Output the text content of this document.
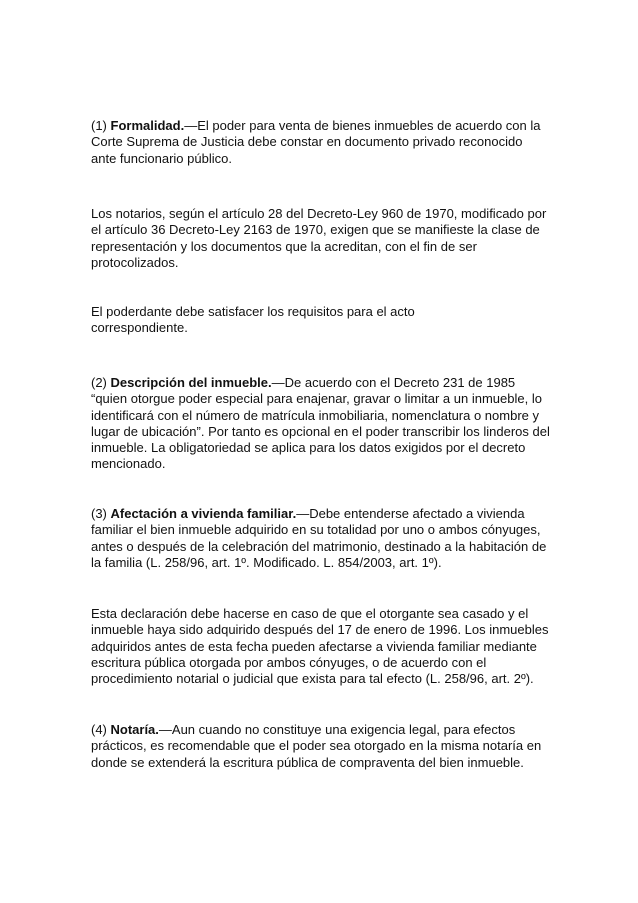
(1) Formalidad.—El poder para venta de bienes inmuebles de acuerdo con la
Corte Suprema de Justicia debe constar en documento privado reconocido
ante funcionario público.

Los notarios, según el artículo 28 del Decreto-Ley 960 de 1970, modificado por
el artículo 36 Decreto-Ley 2163 de 1970, exigen que se manifieste la clase de
representación y los documentos que la acreditan, con el fin de ser
protocolizados.

El poderdante debe satisfacer los requisitos para el acto
correspondiente.

(2) Descripción del inmueble.—De acuerdo con el Decreto 231 de 1985
“quien otorgue poder especial para enajenar, gravar o limitar a un inmueble, lo
identificará con el número de matrícula inmobiliaria, nomenclatura o nombre y
lugar de ubicación”. Por tanto es opcional en el poder transcribir los linderos del
inmueble. La obligatoriedad se aplica para los datos exigidos por el decreto
mencionado.

(3) Afectación a vivienda familiar.—Debe entenderse afectado a vivienda
familiar el bien inmueble adquirido en su totalidad por uno o ambos cónyuges,
antes o después de la celebración del matrimonio, destinado a la habitación de
la familia (L. 258/96, art. 1º. Modificado. L. 854/2003, art. 1º).

Esta declaración debe hacerse en caso de que el otorgante sea casado y el
inmueble haya sido adquirido después del 17 de enero de 1996. Los inmuebles
adquiridos antes de esta fecha pueden afectarse a vivienda familiar mediante
escritura pública otorgada por ambos cónyuges, o de acuerdo con el
procedimiento notarial o judicial que exista para tal efecto (L. 258/96, art. 2º).

(4) Notaría.—Aun cuando no constituye una exigencia legal, para efectos
prácticos, es recomendable que el poder sea otorgado en la misma notaría en
donde se extenderá la escritura pública de compraventa del bien inmueble.
